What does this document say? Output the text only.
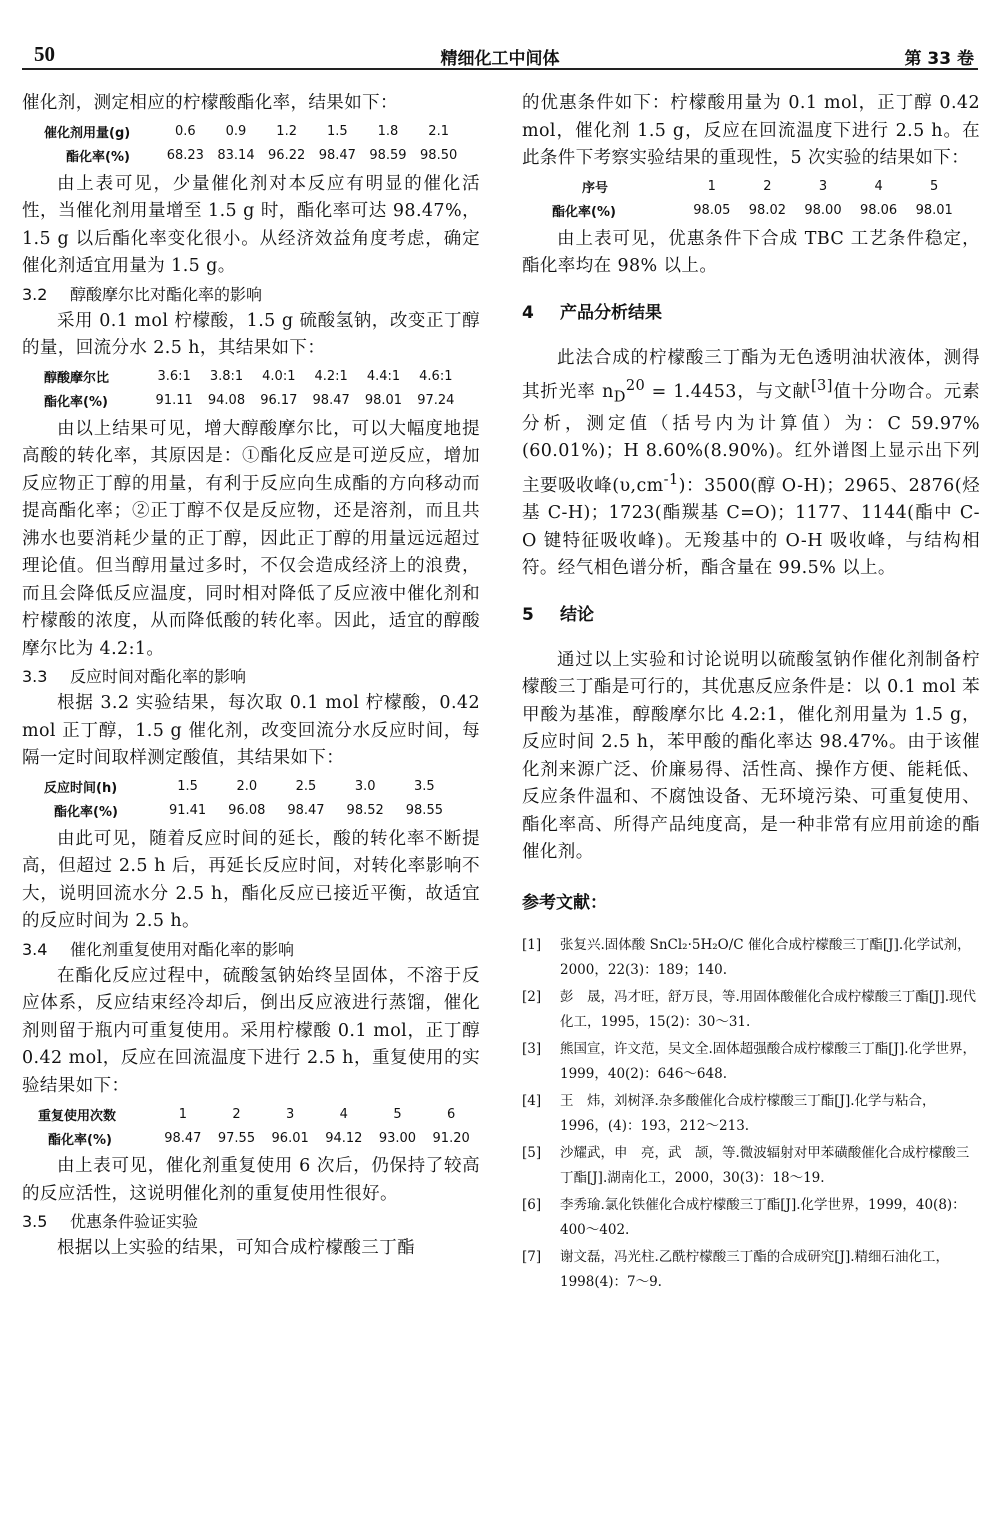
50	精细化工中间体	第 33 卷

催化剂，测定相应的柠檬酸酯化率，结果如下：

催化剂用量(g)	0.6	0.9	1.2	1.5	1.8	2.1
酯化率(%)	68.23	83.14	96.22	98.47	98.59	98.50

由上表可见，少量催化剂对本反应有明显的催化活性，当催化剂用量增至 1.5 g 时，酯化率可达 98.47%，1.5 g 以后酯化率变化很小。从经济效益角度考虑，确定催化剂适宜用量为 1.5 g。

3.2 醇酸摩尔比对酯化率的影响

采用 0.1 mol 柠檬酸，1.5 g 硫酸氢钠，改变正丁醇的量，回流分水 2.5 h，其结果如下：

醇酸摩尔比	3.6:1	3.8:1	4.0:1	4.2:1	4.4:1	4.6:1
酯化率(%)	91.11	94.08	96.17	98.47	98.01	97.24

由以上结果可见，增大醇酸摩尔比，可以大幅度地提高酸的转化率，其原因是：①酯化反应是可逆反应，增加反应物正丁醇的用量，有利于反应向生成酯的方向移动而提高酯化率；②正丁醇不仅是反应物，还是溶剂，而且共沸水也要消耗少量的正丁醇，因此正丁醇的用量远远超过理论值。但当醇用量过多时，不仅会造成经济上的浪费，而且会降低反应温度，同时相对降低了反应液中催化剂和柠檬酸的浓度，从而降低酸的转化率。因此，适宜的醇酸摩尔比为 4.2:1。

3.3 反应时间对酯化率的影响

根据 3.2 实验结果，每次取 0.1 mol 柠檬酸，0.42 mol 正丁醇，1.5 g 催化剂，改变回流分水反应时间，每隔一定时间取样测定酸值，其结果如下：

反应时间(h)	1.5	2.0	2.5	3.0	3.5
酯化率(%)	91.41	96.08	98.47	98.52	98.55

由此可见，随着反应时间的延长，酸的转化率不断提高，但超过 2.5 h 后，再延长反应时间，对转化率影响不大，说明回流水分 2.5 h，酯化反应已接近平衡，故适宜的反应时间为 2.5 h。

3.4 催化剂重复使用对酯化率的影响

在酯化反应过程中，硫酸氢钠始终呈固体，不溶于反应体系，反应结束经冷却后，倒出反应液进行蒸馏，催化剂则留于瓶内可重复使用。采用柠檬酸 0.1 mol，正丁醇 0.42 mol，反应在回流温度下进行 2.5 h，重复使用的实验结果如下：

重复使用次数	1	2	3	4	5	6
酯化率(%)	98.47	97.55	96.01	94.12	93.00	91.20

由上表可见，催化剂重复使用 6 次后，仍保持了较高的反应活性，这说明催化剂的重复使用性很好。

3.5 优惠条件验证实验

根据以上实验的结果，可知合成柠檬酸三丁酯

的优惠条件如下：柠檬酸用量为 0.1 mol，正丁醇 0.42 mol，催化剂 1.5 g，反应在回流温度下进行 2.5 h。在此条件下考察实验结果的重现性，5 次实验的结果如下：

序号	1	2	3	4	5
酯化率(%)	98.05	98.02	98.00	98.06	98.01

由上表可见，优惠条件下合成 TBC 工艺条件稳定，酯化率均在 98% 以上。

4 产品分析结果

此法合成的柠檬酸三丁酯为无色透明油状液体，测得其折光率 $n_D^{20} = 1.4453$，与文献[3]值十分吻合。元素分析，测定值（括号内为计算值）为：C 59.97%(60.01%)；H 8.60%(8.90%)。红外谱图上显示出下列主要吸收峰$(\upsilon,cm^{-1})$：3500(醇 O-H)；2965、2876(烃基 C-H)；1723(酯羰基 C=O)；1177、1144(酯中 C-O 键特征吸收峰)。无羧基中的 O-H 吸收峰，与结构相符。经气相色谱分析，酯含量在 99.5% 以上。

5 结论

通过以上实验和讨论说明以硫酸氢钠作催化剂制备柠檬酸三丁酯是可行的，其优惠反应条件是：以 0.1 mol 苯甲酸为基准，醇酸摩尔比 4.2:1，催化剂用量为 1.5 g，反应时间 2.5 h，苯甲酸的酯化率达 98.47%。由于该催化剂来源广泛、价廉易得、活性高、操作方便、能耗低、反应条件温和、不腐蚀设备、无环境污染、可重复使用、酯化率高、所得产品纯度高，是一种非常有应用前途的酯催化剂。

参考文献：

[1] 张复兴.固体酸 SnCl₂·5H₂O/C 催化合成柠檬酸三丁酯[J].化学试剂，2000，22(3)：189；140.

[2] 彭　晟，冯才旺，舒万艮，等.用固体酸催化合成柠檬酸三丁酯[J].现代化工，1995，15(2)：30～31.

[3] 熊国宣，许文范，吴文全.固体超强酸合成柠檬酸三丁酯[J].化学世界，1999，40(2)：646～648.

[4] 王　炜，刘树泽.杂多酸催化合成柠檬酸三丁酯[J].化学与粘合，1996，(4)：193，212～213.

[5] 沙耀武，申　亮，武　颉，等.微波辐射对甲苯磺酸催化合成柠檬酸三丁酯[J].湖南化工，2000，30(3)：18～19.

[6] 李秀瑜.氯化铁催化合成柠檬酸三丁酯[J].化学世界，1999，40(8)：400～402.

[7] 谢文磊，冯光柱.乙酰柠檬酸三丁酯的合成研究[J].精细石油化工，1998(4)：7～9.
